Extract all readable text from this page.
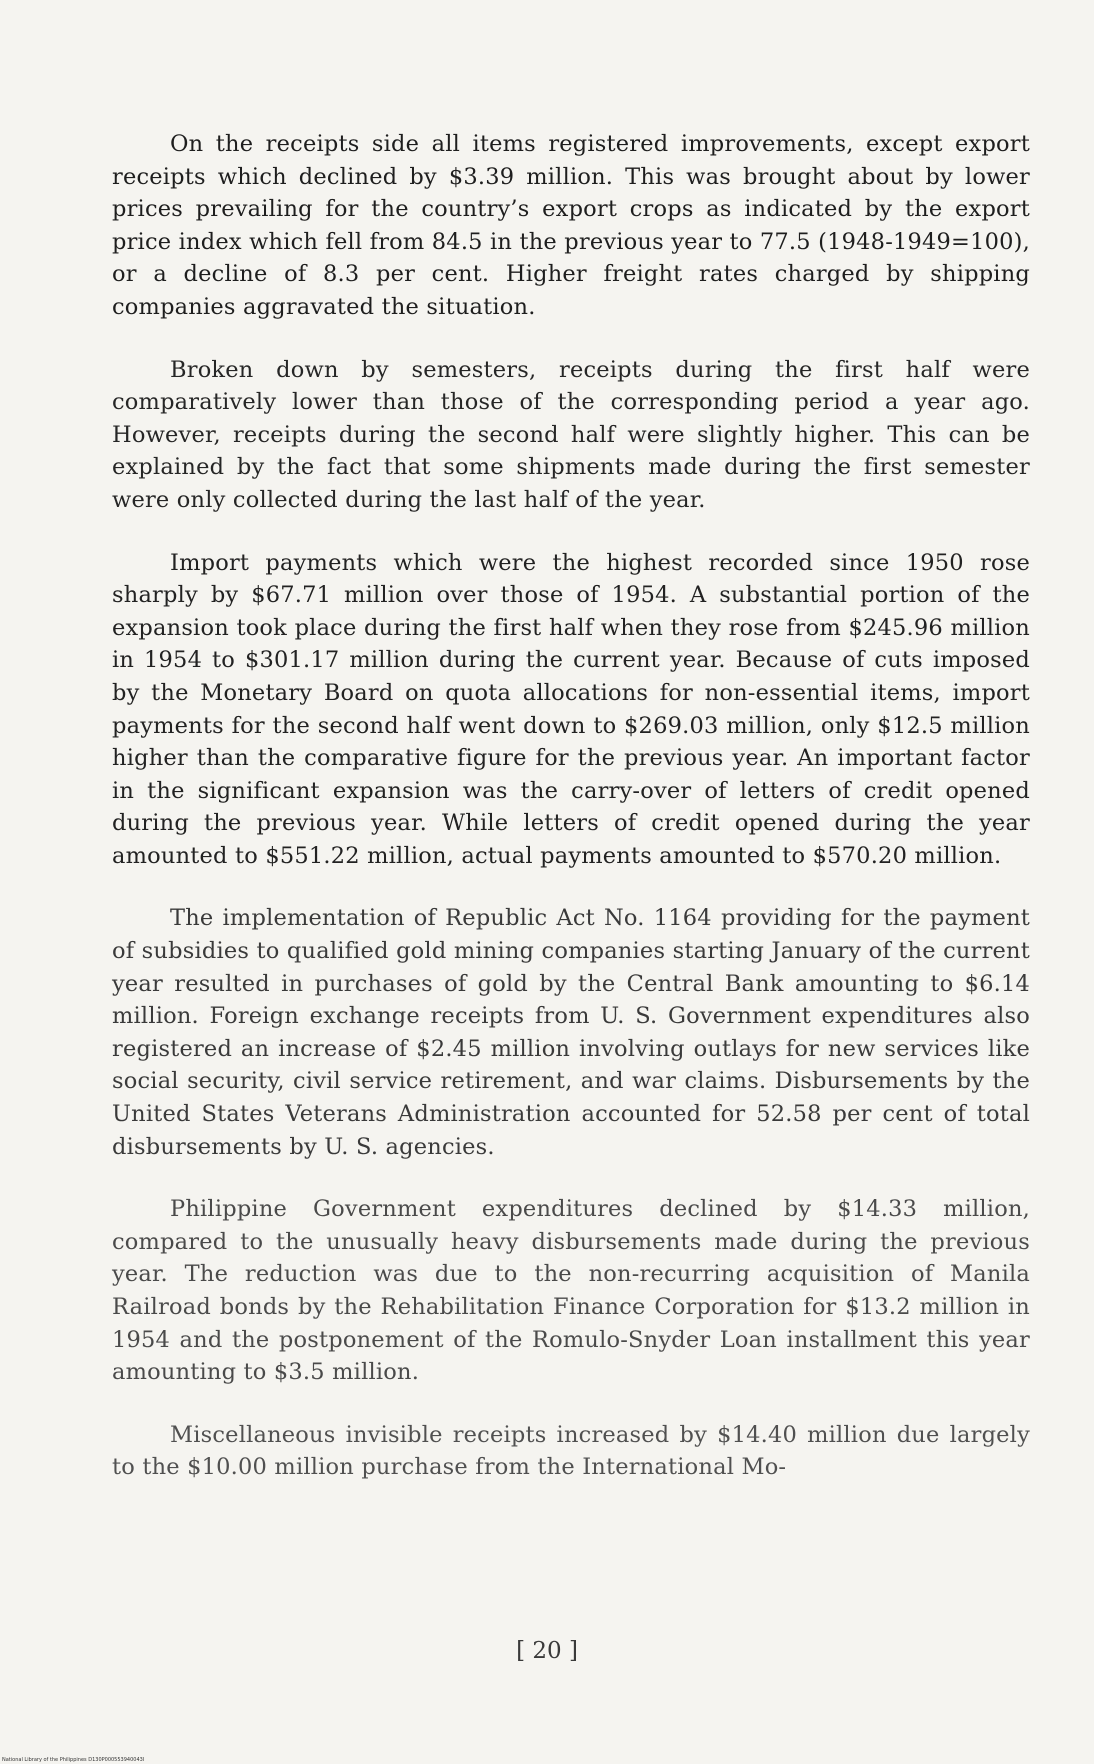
On the receipts side all items registered improvements, except export receipts which declined by $3.39 million. This was brought about by lower prices prevailing for the country’s export crops as indicated by the export price index which fell from 84.5 in the previous year to 77.5 (1948-1949=100), or a decline of 8.3 per cent. Higher freight rates charged by shipping companies aggravated the situation.

Broken down by semesters, receipts during the first half were comparatively lower than those of the corresponding period a year ago. However, receipts during the second half were slightly higher. This can be explained by the fact that some shipments made during the first semester were only collected during the last half of the year.

Import payments which were the highest recorded since 1950 rose sharply by $67.71 million over those of 1954. A substantial portion of the expansion took place during the first half when they rose from $245.96 million in 1954 to $301.17 million during the current year. Because of cuts imposed by the Monetary Board on quota allocations for non-essential items, import payments for the second half went down to $269.03 million, only $12.5 million higher than the comparative figure for the previous year. An important factor in the significant expansion was the carry-over of letters of credit opened during the previous year. While letters of credit opened during the year amounted to $551.22 million, actual payments amounted to $570.20 million.

The implementation of Republic Act No. 1164 providing for the payment of subsidies to qualified gold mining companies starting January of the current year resulted in purchases of gold by the Central Bank amounting to $6.14 million. Foreign exchange receipts from U. S. Government expenditures also registered an increase of $2.45 million involving outlays for new services like social security, civil service retirement, and war claims. Disbursements by the United States Veterans Administration accounted for 52.58 per cent of total disbursements by U. S. agencies.

Philippine Government expenditures declined by $14.33 million, compared to the unusually heavy disbursements made during the previous year. The reduction was due to the non-recurring acquisition of Manila Railroad bonds by the Rehabilitation Finance Corporation for $13.2 million in 1954 and the postponement of the Romulo-Snyder Loan installment this year amounting to $3.5 million.

Miscellaneous invisible receipts increased by $14.40 million due largely to the $10.00 million purchase from the International Mo-

[ 20 ]
National Library of the Philippines D130P000553940043I
